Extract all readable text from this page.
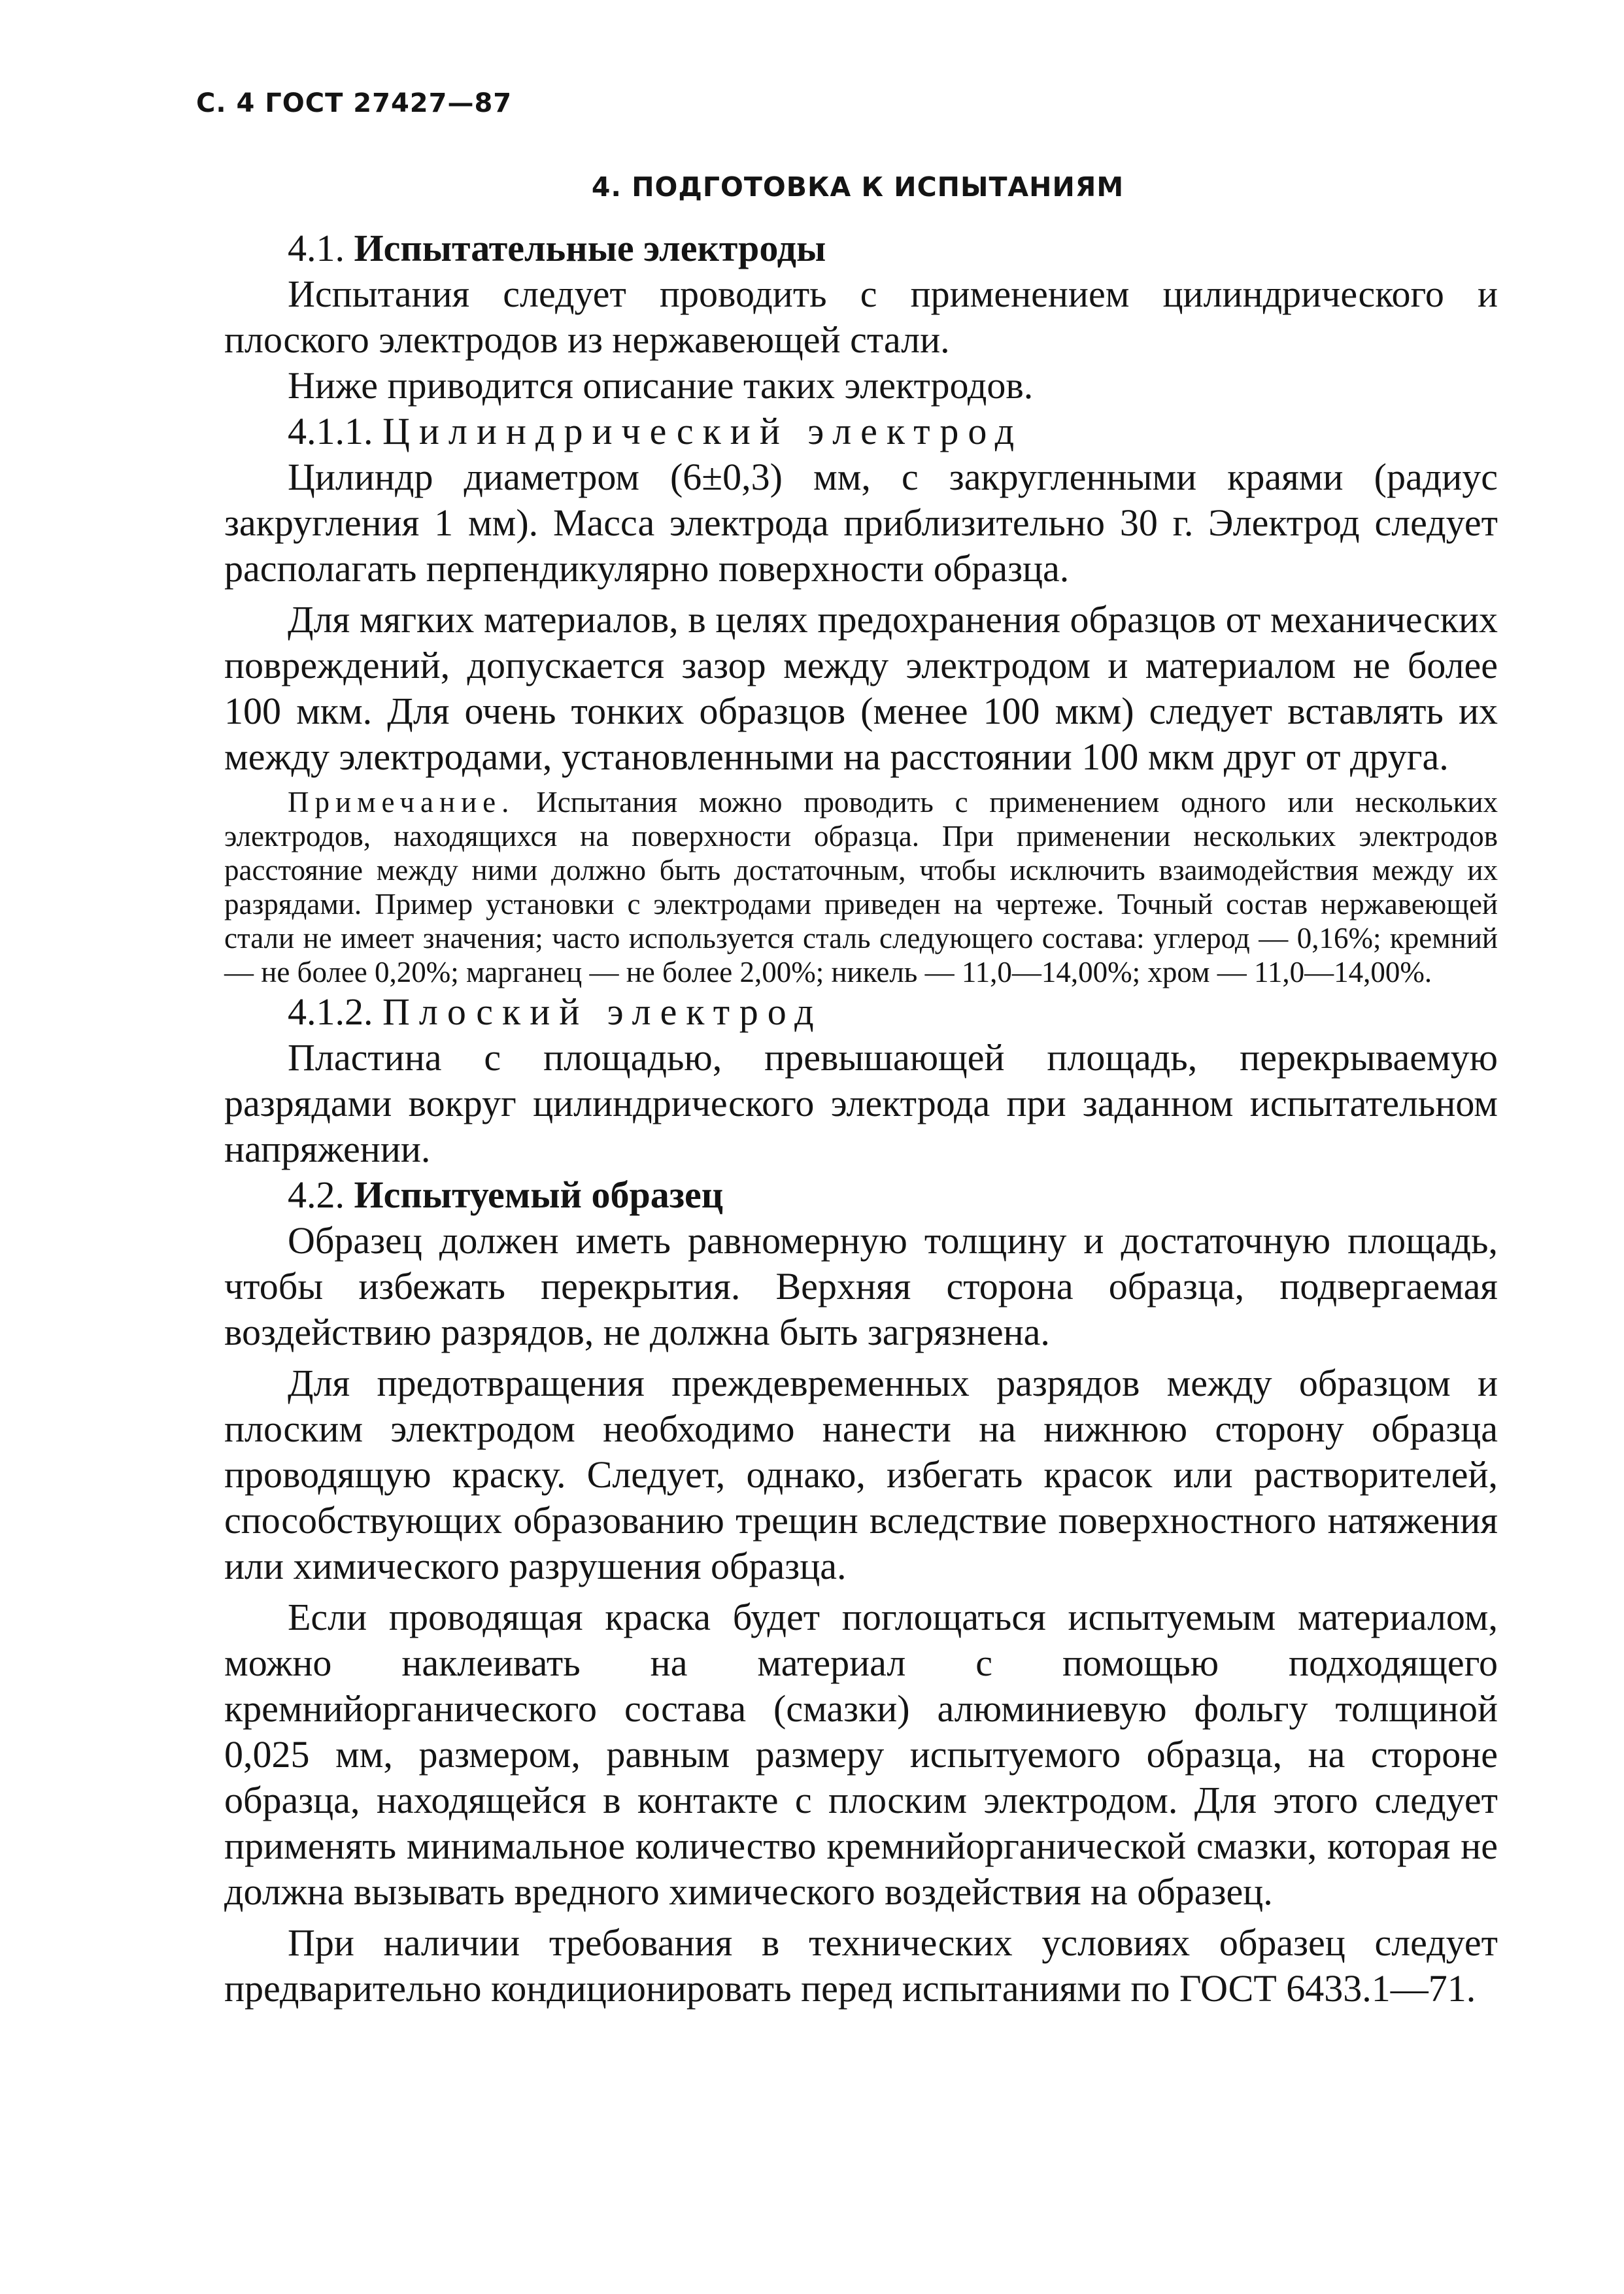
С. 4 ГОСТ 27427—87
4. ПОДГОТОВКА К ИСПЫТАНИЯМ

4.1. Испытательные электроды

Испытания следует проводить с применением цилиндрического и плоского электродов из нержавеющей стали.

Ниже приводится описание таких электродов.

4.1.1. Цилиндрический электрод

Цилиндр диаметром (6±0,3) мм, с закругленными краями (радиус закругления 1 мм). Масса электрода приблизительно 30 г. Электрод следует располагать перпендикулярно поверхности образца.

Для мягких материалов, в целях предохранения образцов от механических повреждений, допускается зазор между электродом и материалом не более 100 мкм. Для очень тонких образцов (менее 100 мкм) следует вставлять их между электродами, установленными на расстоянии 100 мкм друг от друга.

Примечание. Испытания можно проводить с применением одного или нескольких электродов, находящихся на поверхности образца. При применении нескольких электродов расстояние между ними должно быть достаточным, чтобы исключить взаимодействия между их разрядами. Пример установки с электродами приведен на чертеже. Точный состав нержавеющей стали не имеет значения; часто используется сталь следующего состава: углерод — 0,16%; кремний — не более 0,20%; марганец — не более 2,00%; никель — 11,0—14,00%; хром — 11,0—14,00%.

4.1.2. Плоский электрод

Пластина с площадью, превышающей площадь, перекрываемую разрядами вокруг цилиндрического электрода при заданном испытательном напряжении.

4.2. Испытуемый образец

Образец должен иметь равномерную толщину и достаточную площадь, чтобы избежать перекрытия. Верхняя сторона образца, подвергаемая воздействию разрядов, не должна быть загрязнена.

Для предотвращения преждевременных разрядов между образцом и плоским электродом необходимо нанести на нижнюю сторону образца проводящую краску. Следует, однако, избегать красок или растворителей, способствующих образованию трещин вследствие поверхностного натяжения или химического разрушения образца.

Если проводящая краска будет поглощаться испытуемым материалом, можно наклеивать на материал с помощью подходящего кремнийорганического состава (смазки) алюминиевую фольгу толщиной 0,025 мм, размером, равным размеру испытуемого образца, на стороне образца, находящейся в контакте с плоским электродом. Для этого следует применять минимальное количество кремнийорганической смазки, которая не должна вызывать вредного химического воздействия на образец.

При наличии требования в технических условиях образец следует предварительно кондиционировать перед испытаниями по ГОСТ 6433.1—71.
